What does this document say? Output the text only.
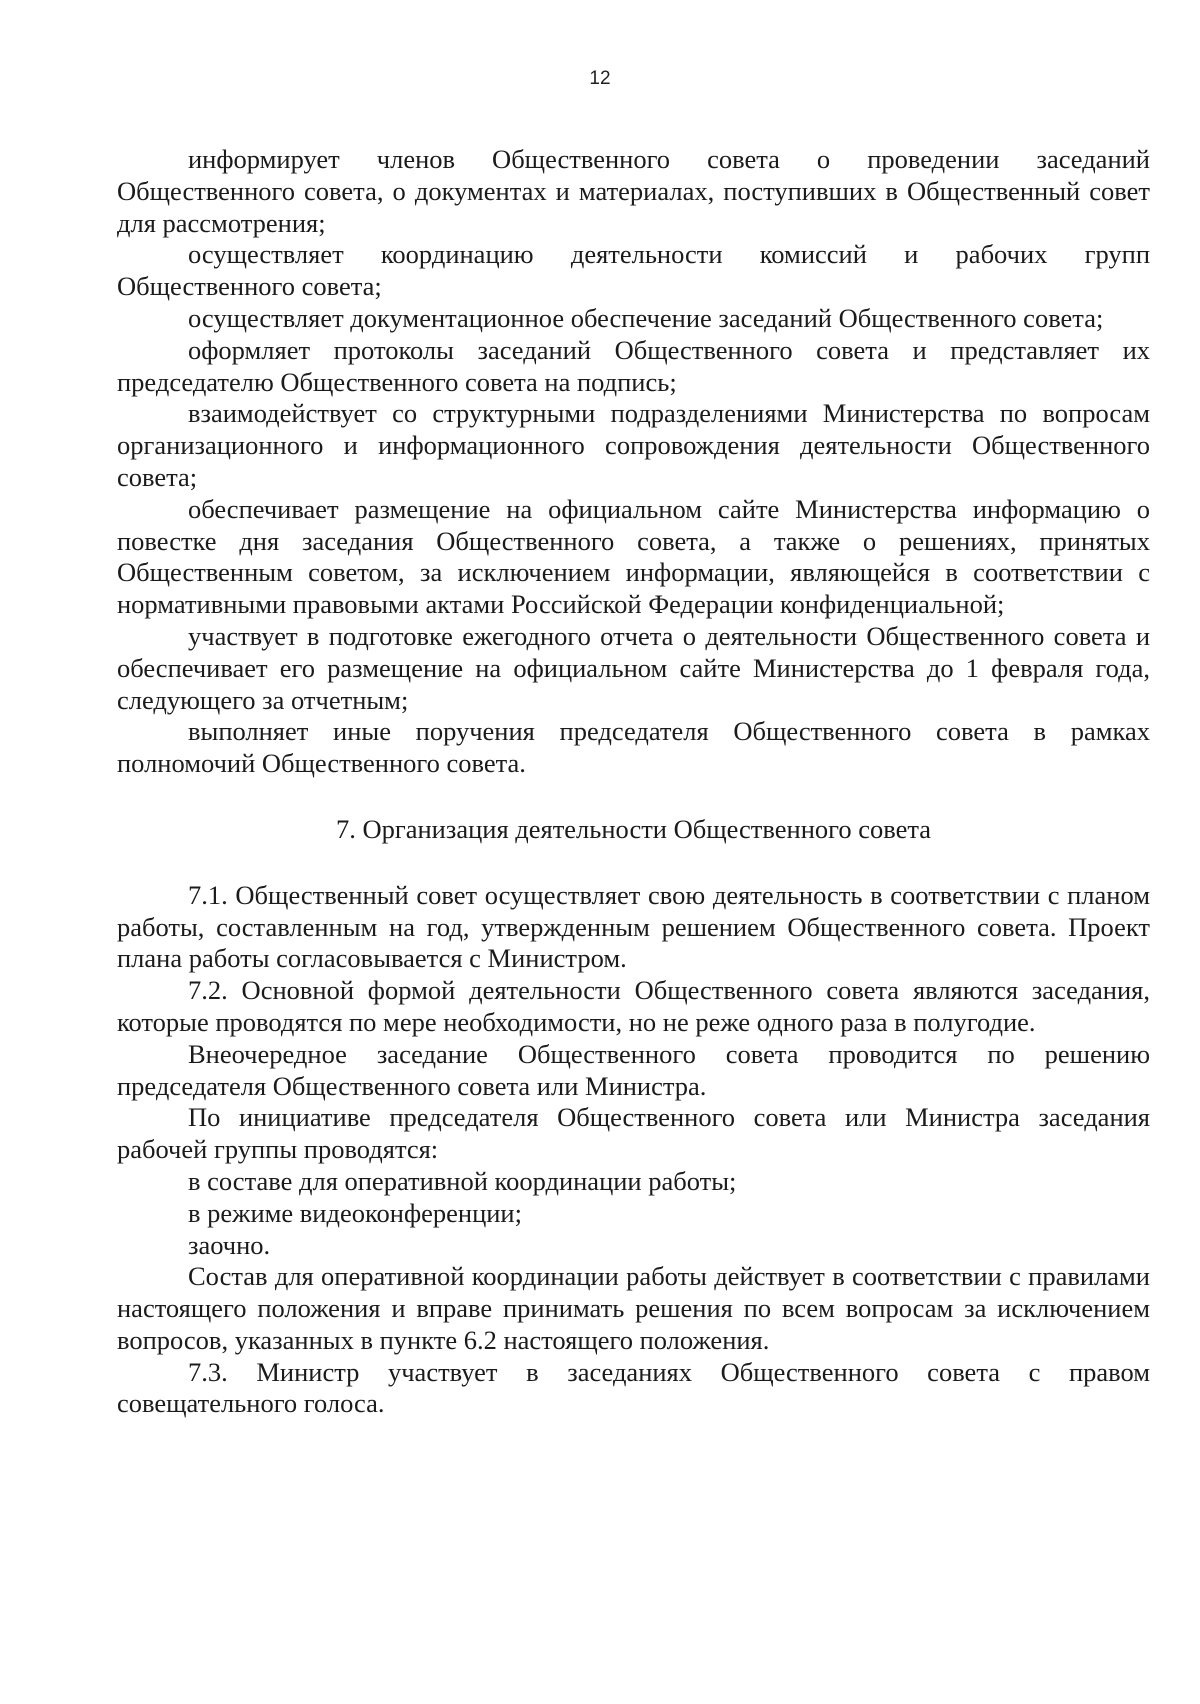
12

информирует членов Общественного совета о проведении заседаний Общественного совета, о документах и материалах, поступивших в Общественный совет для рассмотрения;

осуществляет координацию деятельности комиссий и рабочих групп Общественного совета;

осуществляет документационное обеспечение заседаний Общественного совета;

оформляет протоколы заседаний Общественного совета и представляет их председателю Общественного совета на подпись;

взаимодействует со структурными подразделениями Министерства по вопросам организационного и информационного сопровождения деятельности Общественного совета;

обеспечивает размещение на официальном сайте Министерства информацию о повестке дня заседания Общественного совета, а также о решениях, принятых Общественным советом, за исключением информации, являющейся в соответствии с нормативными правовыми актами Российской Федерации конфиденциальной;

участвует в подготовке ежегодного отчета о деятельности Общественного совета и обеспечивает его размещение на официальном сайте Министерства до 1 февраля года, следующего за отчетным;

выполняет иные поручения председателя Общественного совета в рамках полномочий Общественного совета.

7. Организация деятельности Общественного совета

7.1. Общественный совет осуществляет свою деятельность в соответствии с планом работы, составленным на год, утвержденным решением Общественного совета. Проект плана работы согласовывается с Министром.

7.2. Основной формой деятельности Общественного совета являются заседания, которые проводятся по мере необходимости, но не реже одного раза в полугодие.

Внеочередное заседание Общественного совета проводится по решению председателя Общественного совета или Министра.

По инициативе председателя Общественного совета или Министра заседания рабочей группы проводятся:

в составе для оперативной координации работы;

в режиме видеоконференции;

заочно.

Состав для оперативной координации работы действует в соответствии с правилами настоящего положения и вправе принимать решения по всем вопросам за исключением вопросов, указанных в пункте 6.2 настоящего положения.

7.3. Министр участвует в заседаниях Общественного совета с правом совещательного голоса.
